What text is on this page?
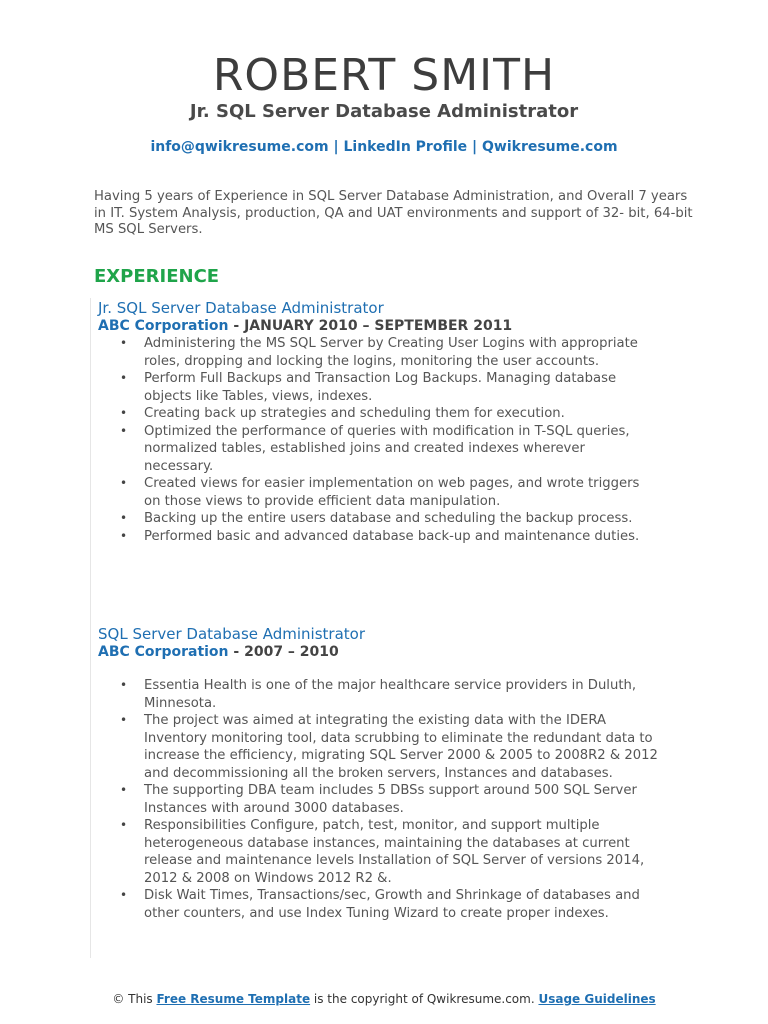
ROBERT SMITH
Jr. SQL Server Database Administrator
info@qwikresume.com | LinkedIn Profile | Qwikresume.com

Having 5 years of Experience in SQL Server Database Administration, and Overall 7 years in IT. System Analysis, production, QA and UAT environments and support of 32- bit, 64-bit MS SQL Servers.

EXPERIENCE

Jr. SQL Server Database Administrator

ABC Corporation - JANUARY 2010 – SEPTEMBER 2011

• Administering the MS SQL Server by Creating User Logins with appropriate roles, dropping and locking the logins, monitoring the user accounts.
• Perform Full Backups and Transaction Log Backups. Managing database objects like Tables, views, indexes.
• Creating back up strategies and scheduling them for execution.
• Optimized the performance of queries with modification in T-SQL queries, normalized tables, established joins and created indexes wherever necessary.
• Created views for easier implementation on web pages, and wrote triggers on those views to provide efficient data manipulation.
• Backing up the entire users database and scheduling the backup process.
• Performed basic and advanced database back-up and maintenance duties.

SQL Server Database Administrator

ABC Corporation - 2007 – 2010

• Essentia Health is one of the major healthcare service providers in Duluth, Minnesota.
• The project was aimed at integrating the existing data with the IDERA Inventory monitoring tool, data scrubbing to eliminate the redundant data to increase the efficiency, migrating SQL Server 2000 & 2005 to 2008R2 & 2012 and decommissioning all the broken servers, Instances and databases.
• The supporting DBA team includes 5 DBSs support around 500 SQL Server Instances with around 3000 databases.
• Responsibilities Configure, patch, test, monitor, and support multiple heterogeneous database instances, maintaining the databases at current release and maintenance levels Installation of SQL Server of versions 2014, 2012 & 2008 on Windows 2012 R2 &.
• Disk Wait Times, Transactions/sec, Growth and Shrinkage of databases and other counters, and use Index Tuning Wizard to create proper indexes.
© This Free Resume Template is the copyright of Qwikresume.com. Usage Guidelines
